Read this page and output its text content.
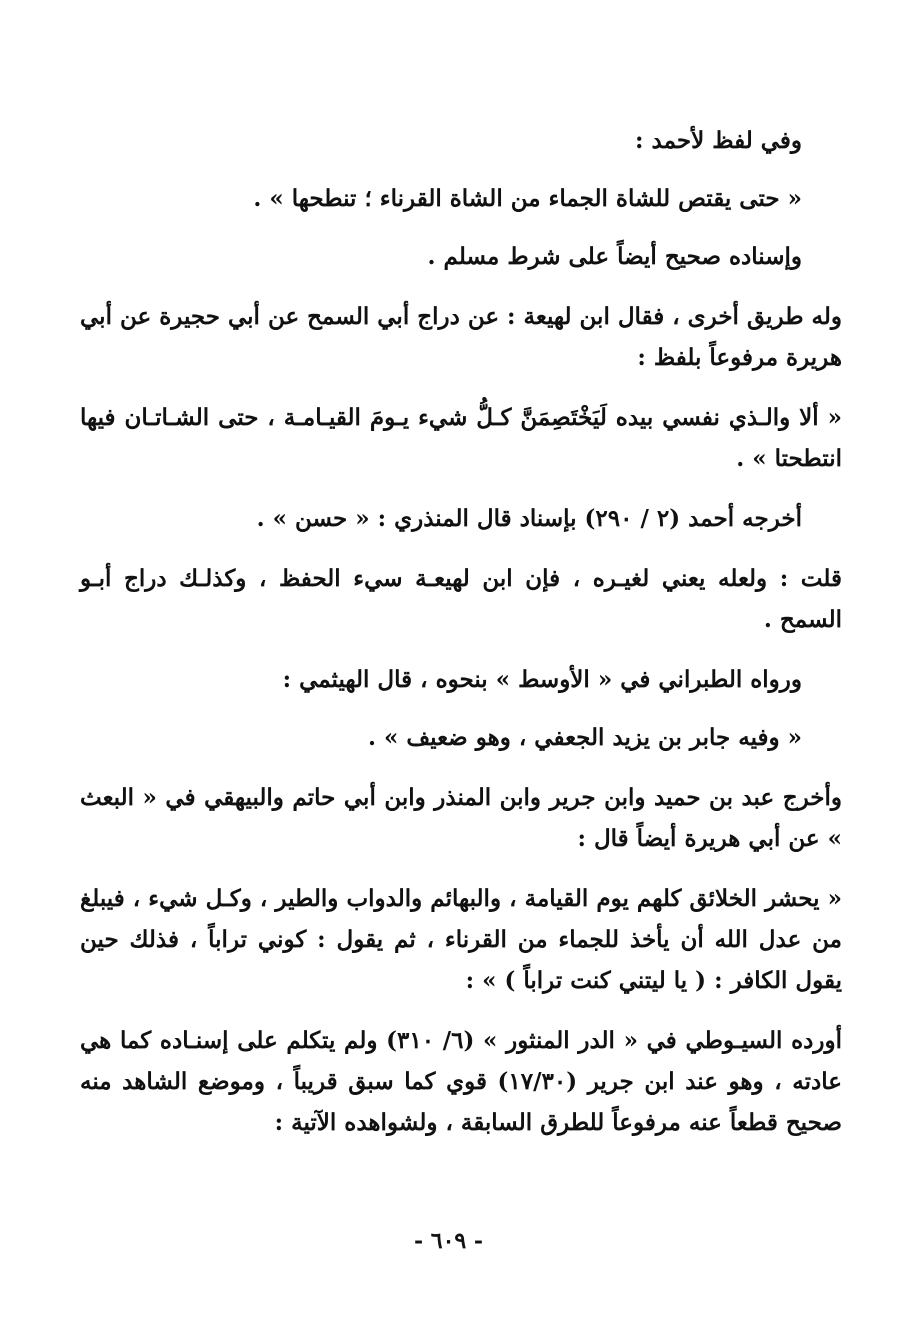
وفي لفظ لأحمد :

« حتى يقتص للشاة الجماء من الشاة القرناء ؛ تنطحها » .

وإسناده صحيح أيضاً على شرط مسلم .

وله طريق أخرى ، فقال ابن لهيعة : عن دراج أبي السمح عن أبي حجيرة عن أبي هريرة مرفوعاً بلفظ :

« ألا والـذي نفسي بيده لَيَخْتَصِمَنَّ كـلُّ شيء يـومَ القيـامـة ، حتى الشـاتـان فيها انتطحتا » .

أخرجه أحمد (٢ / ٢٩٠) بإسناد قال المنذري : « حسن » .

قلت : ولعله يعني لغيـره ، فإن ابن لهيعـة سيء الحفظ ، وكذلـك دراج أبـو السمح .

ورواه الطبراني في « الأوسط » بنحوه ، قال الهيثمي :

« وفيه جابر بن يزيد الجعفي ، وهو ضعيف » .

وأخرج عبد بن حميد وابن جرير وابن المنذر وابن أبي حاتم والبيهقي في « البعث » عن أبي هريرة أيضاً قال :

« يحشر الخلائق كلهم يوم القيامة ، والبهائم والدواب والطير ، وكـل شيء ، فيبلغ من عدل الله أن يأخذ للجماء من القرناء ، ثم يقول : كوني تراباً ، فذلك حين يقول الكافر : ( يا ليتني كنت تراباً ) » :

أورده السيـوطي في « الدر المنثور » (٦/ ٣١٠) ولم يتكلم على إسنـاده كما هي عادته ، وهو عند ابن جرير (١٧/٣٠) قوي كما سبق قريباً ، وموضع الشاهد منه صحيح قطعاً عنه مرفوعاً للطرق السابقة ، ولشواهده الآتية :

- ٦٠٩ -
